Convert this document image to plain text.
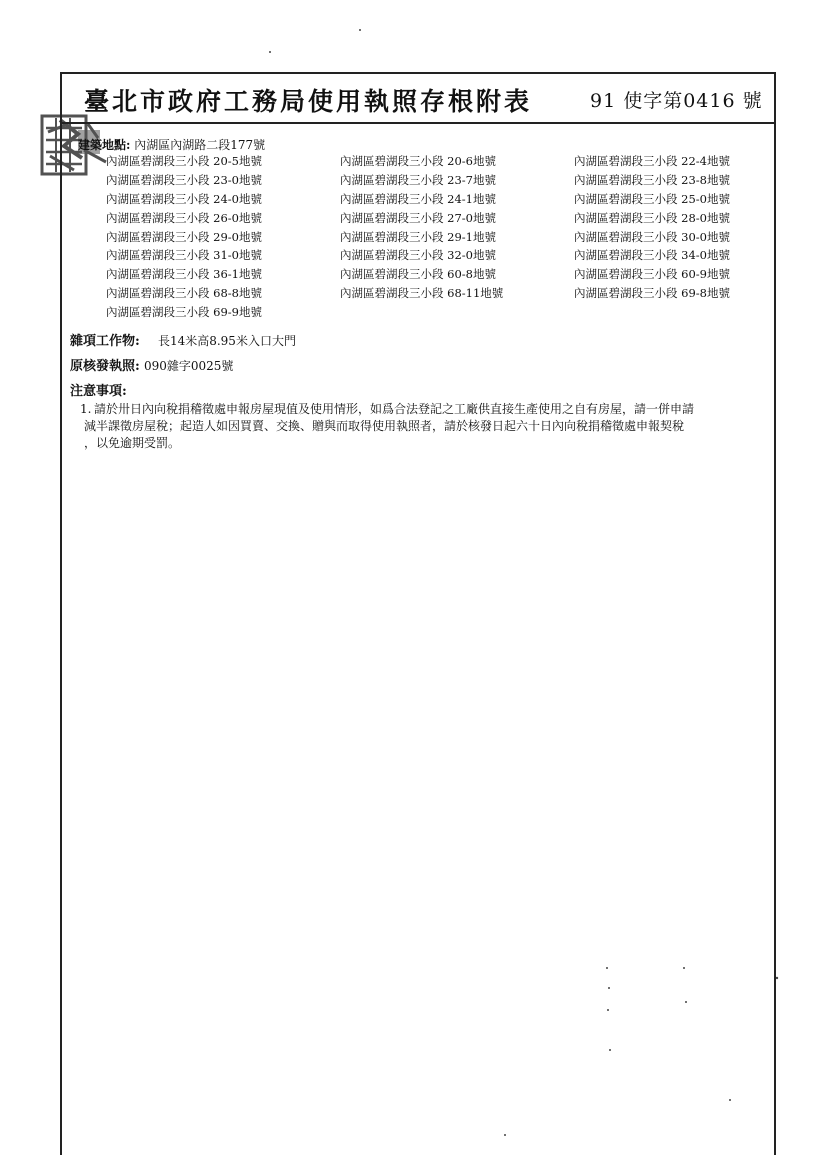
臺北市政府工務局使用執照存根附表	91 使字第0416 號
建築地點: 內湖區內湖路二段177號
內湖區碧湖段三小段 20-5地號
內湖區碧湖段三小段 23-0地號
內湖區碧湖段三小段 24-0地號
內湖區碧湖段三小段 26-0地號
內湖區碧湖段三小段 29-0地號
內湖區碧湖段三小段 31-0地號
內湖區碧湖段三小段 36-1地號
內湖區碧湖段三小段 68-8地號
內湖區碧湖段三小段 69-9地號
內湖區碧湖段三小段 20-6地號
內湖區碧湖段三小段 23-7地號
內湖區碧湖段三小段 24-1地號
內湖區碧湖段三小段 27-0地號
內湖區碧湖段三小段 29-1地號
內湖區碧湖段三小段 32-0地號
內湖區碧湖段三小段 60-8地號
內湖區碧湖段三小段 68-11地號
內湖區碧湖段三小段 22-4地號
內湖區碧湖段三小段 23-8地號
內湖區碧湖段三小段 25-0地號
內湖區碧湖段三小段 28-0地號
內湖區碧湖段三小段 30-0地號
內湖區碧湖段三小段 34-0地號
內湖區碧湖段三小段 60-9地號
內湖區碧湖段三小段 69-8地號
雜項工作物: 長14米高8.95米入口大門
原核發執照: 090雜字0025號
注意事項:
1. 請於卅日內向稅捐稽徵處申報房屋現值及使用情形，如爲合法登記之工廠供直接生產使用之自有房屋，請一併申請
減半課徵房屋稅；起造人如因買賣、交換、贈與而取得使用執照者，請於核發日起六十日內向稅捐稽徵處申報契稅
，以免逾期受罰。
